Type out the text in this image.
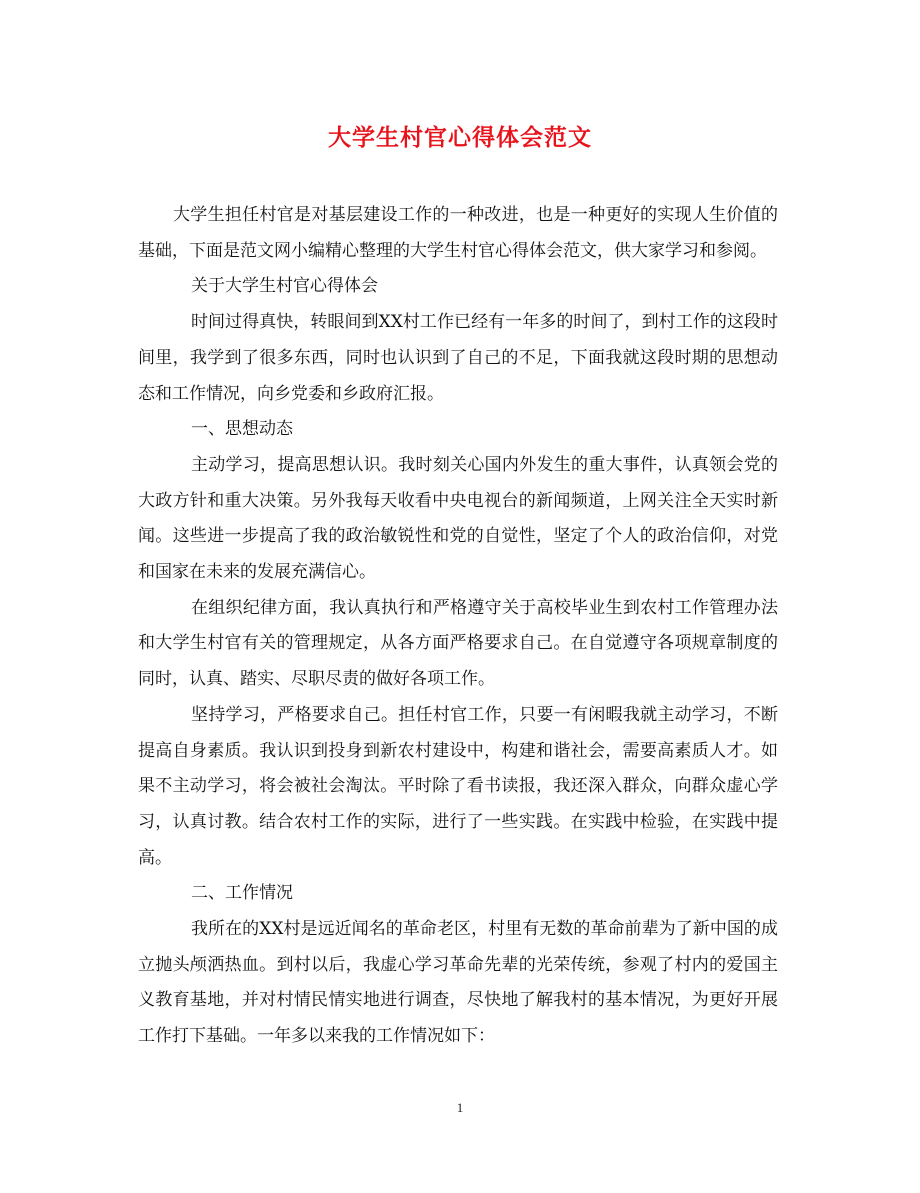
大学生村官心得体会范文

大学生担任村官是对基层建设工作的一种改进，也是一种更好的实现人生价值的基础，下面是范文网小编精心整理的大学生村官心得体会范文，供大家学习和参阅。

关于大学生村官心得体会

时间过得真快，转眼间到XX村工作已经有一年多的时间了，到村工作的这段时间里，我学到了很多东西，同时也认识到了自己的不足，下面我就这段时期的思想动态和工作情况，向乡党委和乡政府汇报。

一、思想动态

主动学习，提高思想认识。我时刻关心国内外发生的重大事件，认真领会党的大政方针和重大决策。另外我每天收看中央电视台的新闻频道，上网关注全天实时新闻。这些进一步提高了我的政治敏锐性和党的自觉性，坚定了个人的政治信仰，对党和国家在未来的发展充满信心。

在组织纪律方面，我认真执行和严格遵守关于高校毕业生到农村工作管理办法和大学生村官有关的管理规定，从各方面严格要求自己。在自觉遵守各项规章制度的同时，认真、踏实、尽职尽责的做好各项工作。

坚持学习，严格要求自己。担任村官工作，只要一有闲暇我就主动学习，不断提高自身素质。我认识到投身到新农村建设中，构建和谐社会，需要高素质人才。如果不主动学习，将会被社会淘汰。平时除了看书读报，我还深入群众，向群众虚心学习，认真讨教。结合农村工作的实际，进行了一些实践。在实践中检验，在实践中提高。

二、工作情况

我所在的XX村是远近闻名的革命老区，村里有无数的革命前辈为了新中国的成立抛头颅洒热血。到村以后，我虚心学习革命先辈的光荣传统，参观了村内的爱国主义教育基地，并对村情民情实地进行调查，尽快地了解我村的基本情况，为更好开展工作打下基础。一年多以来我的工作情况如下：

1
